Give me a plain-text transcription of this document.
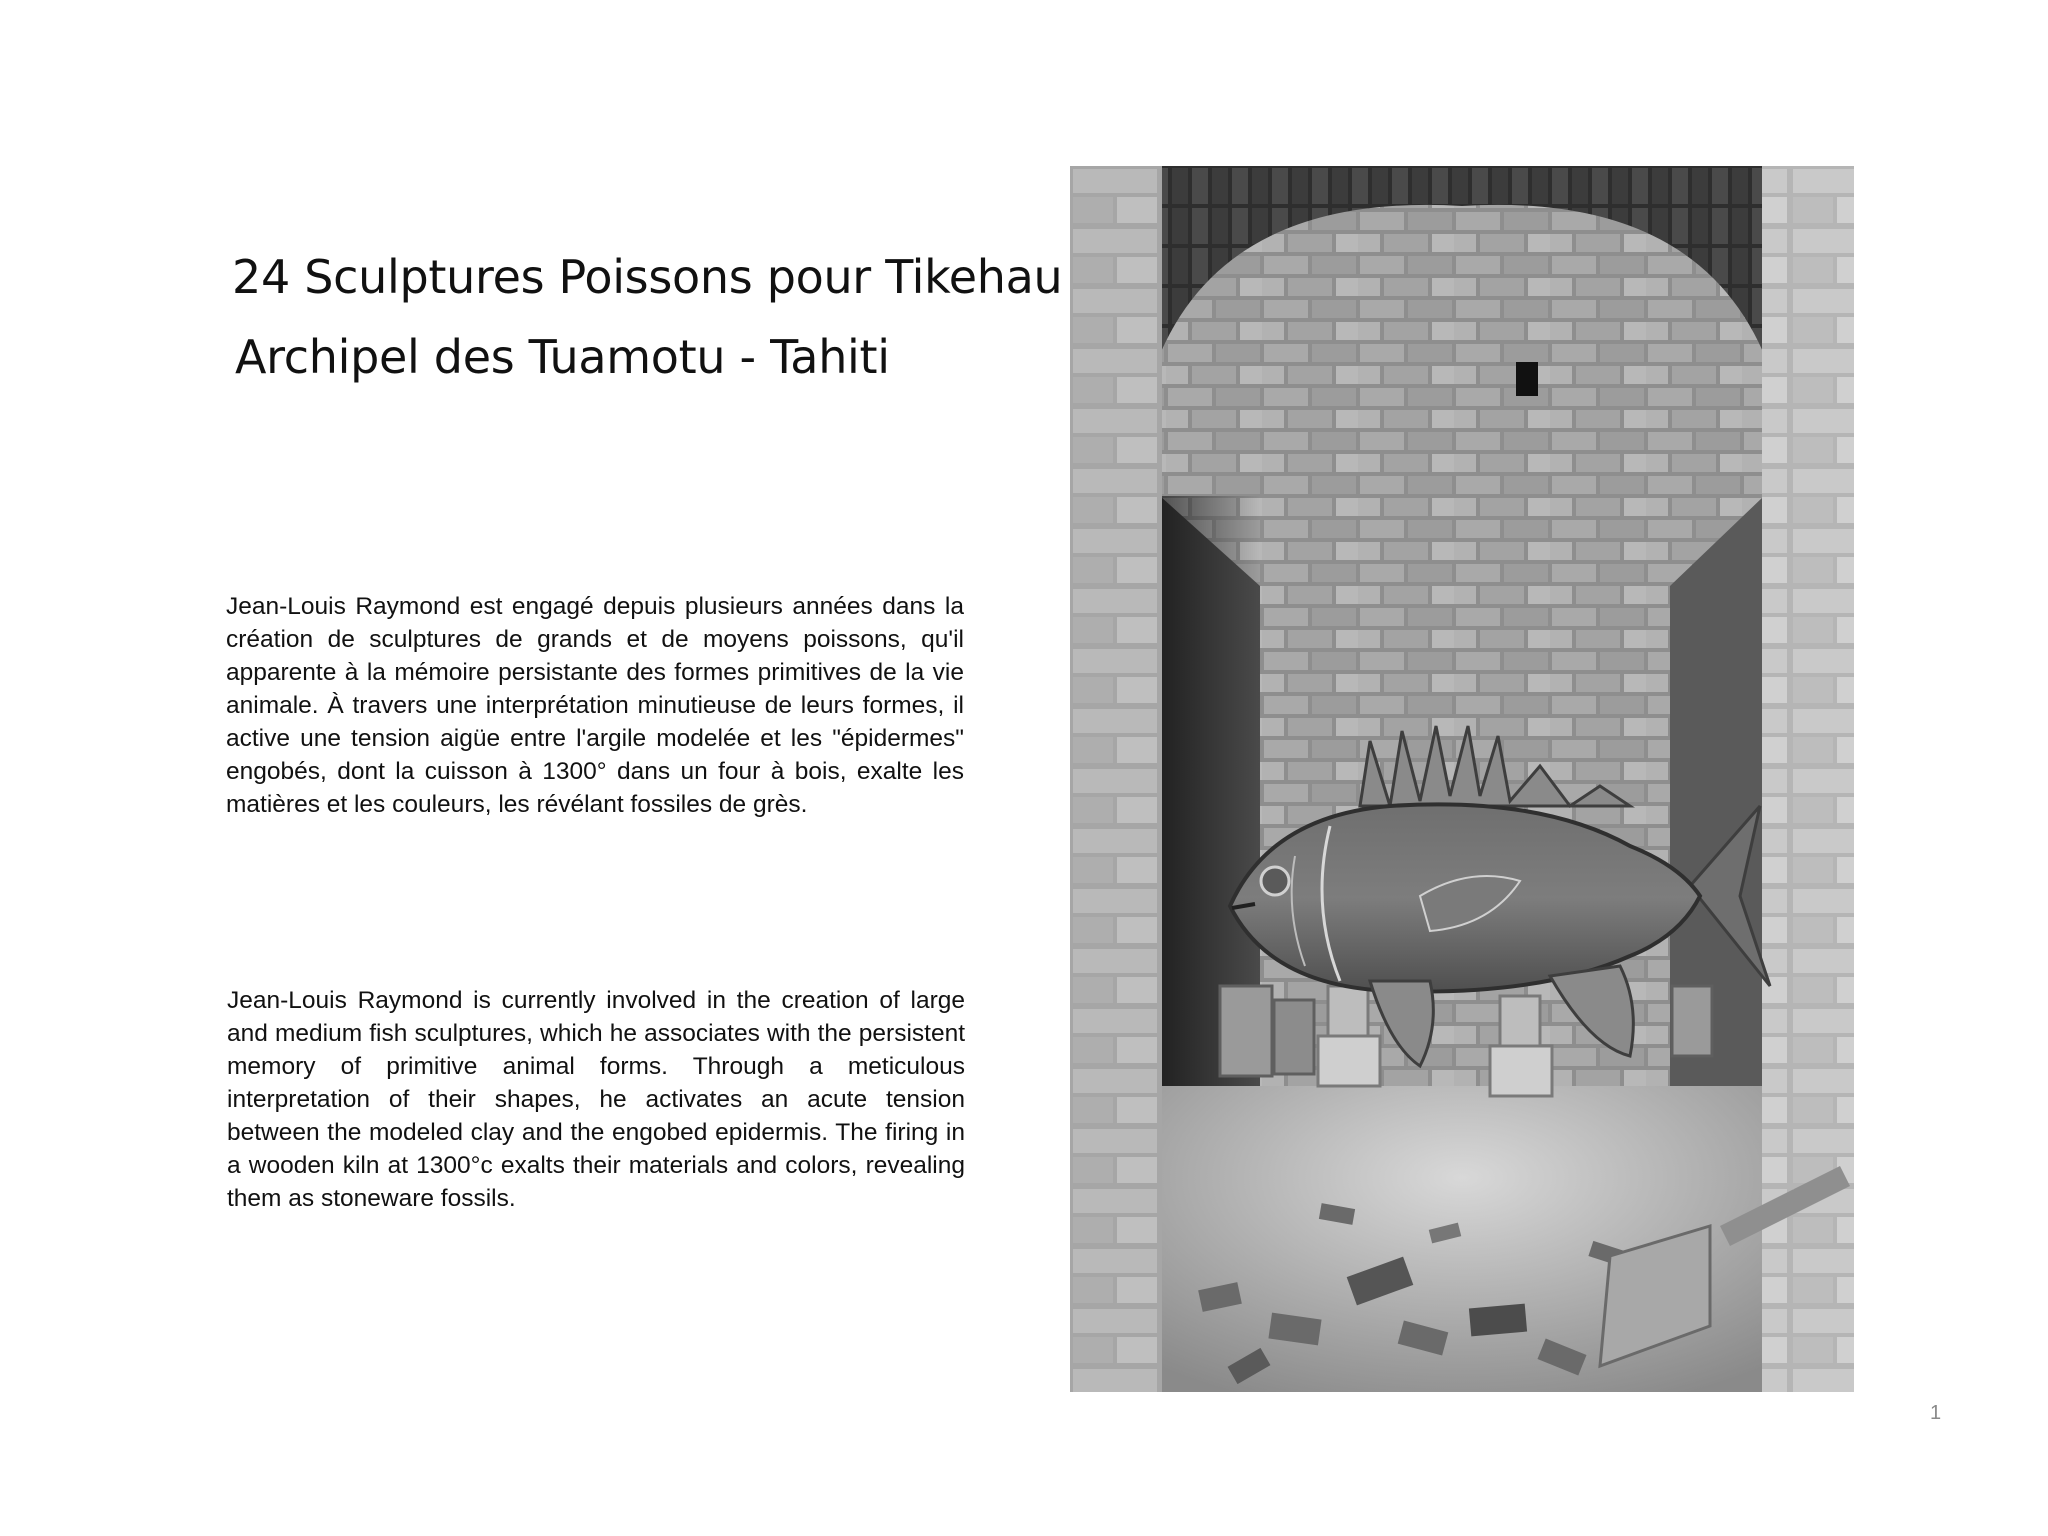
24 Sculptures Poissons pour Tikehau
Archipel des Tuamotu - Tahiti

Jean-Louis Raymond est engagé depuis plusieurs années dans la création de sculptures de grands et de moyens poissons, qu'il apparente à la mémoire persistante des formes primitives de la vie animale. À travers une interprétation minutieuse de leurs formes, il active une tension aigüe entre l'argile modelée et les "épidermes" engobés, dont la cuisson à 1300° dans un four à bois, exalte les matières et les couleurs, les révélant fossiles de grès.

Jean-Louis Raymond is currently involved in the creation of large and medium fish sculptures, which he associates with the persistent memory of primitive animal forms. Through a meticulous interpretation of their shapes, he activates an acute tension between the modeled clay and the engobed epidermis. The firing in a wooden kiln at 1300°c exalts their materials and colors, revealing them as stoneware fossils.

1
